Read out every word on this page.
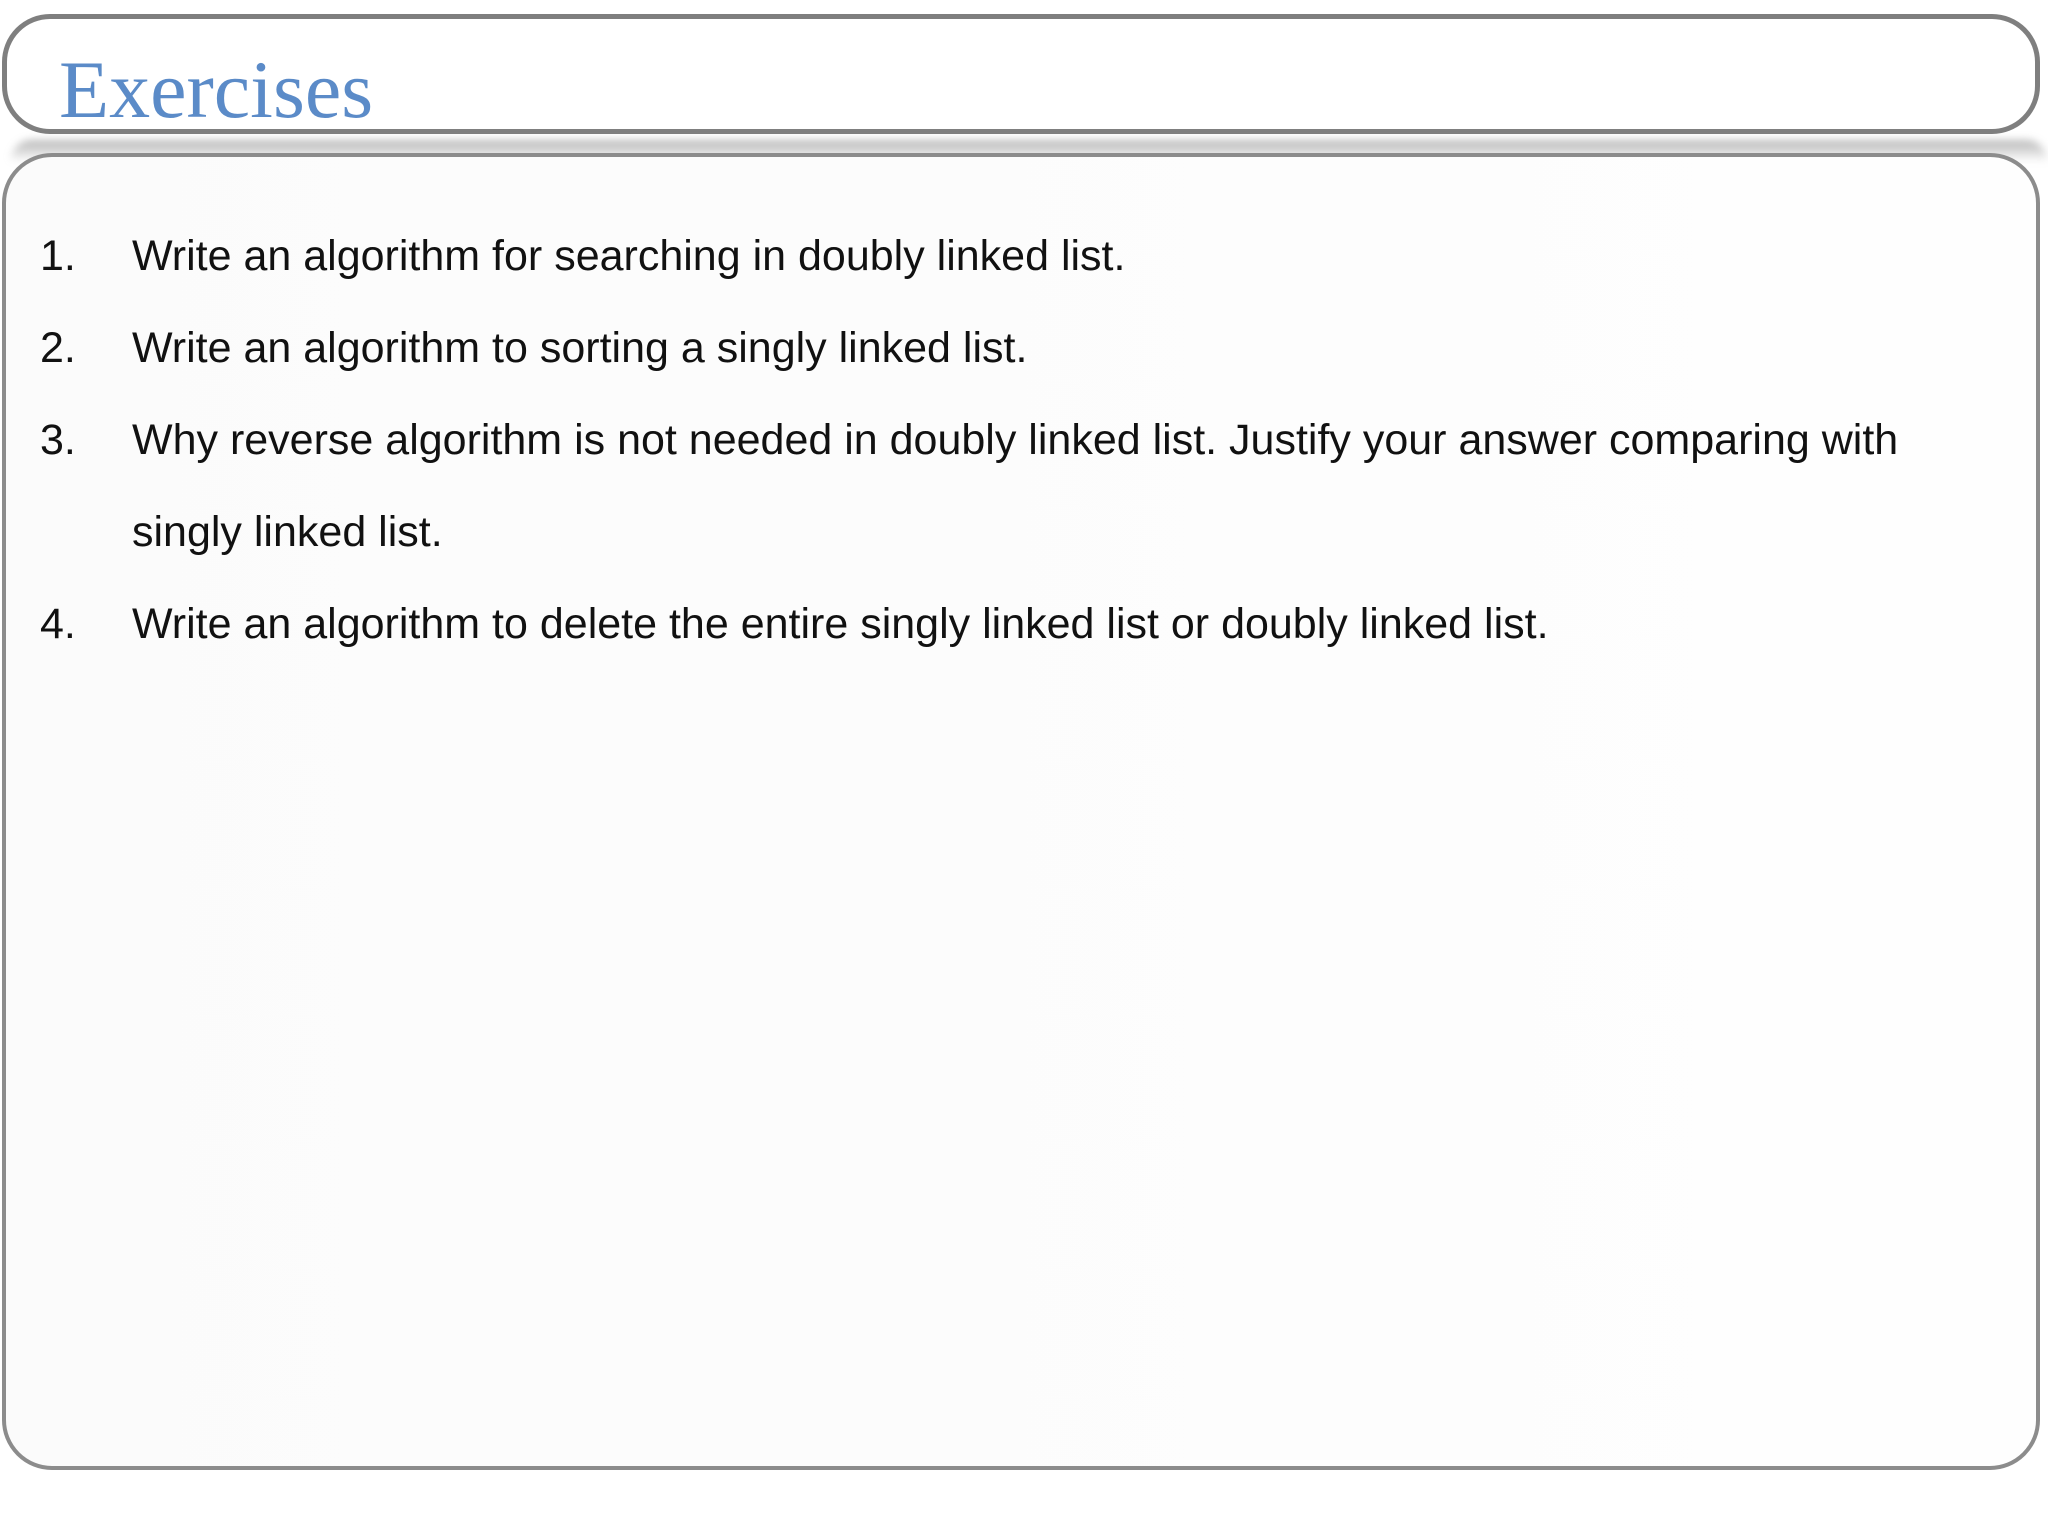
Exercises
1.	Write an algorithm for searching in doubly linked list.
2.	Write an algorithm to sorting a singly linked list.
3.	Why reverse algorithm is not needed in doubly linked list. Justify your answer comparing with singly linked list.
4.	Write an algorithm to delete the entire singly linked list or doubly linked list.
